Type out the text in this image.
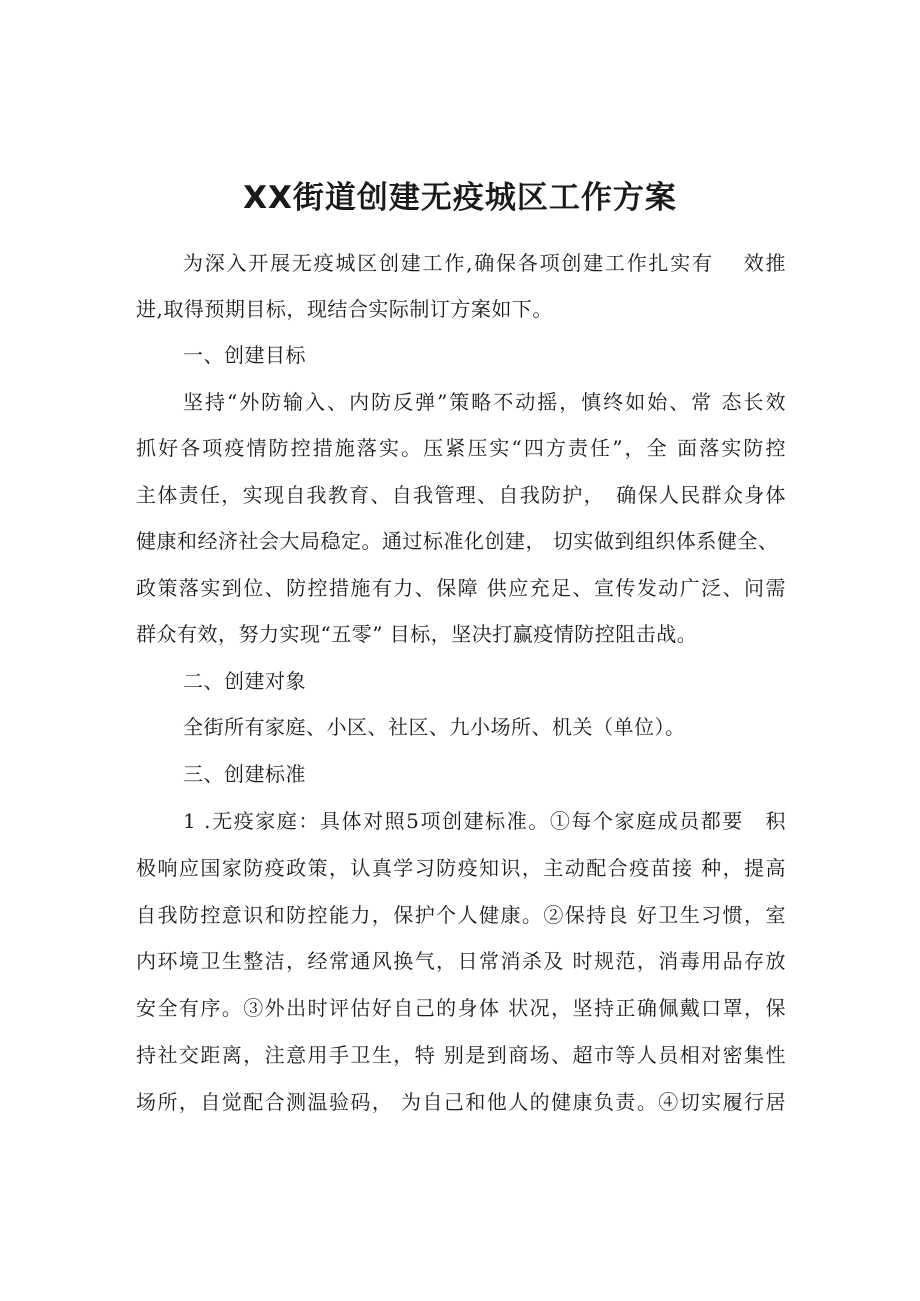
XX街道创建无疫城区工作方案
为深入开展无疫城区创建工作,确保各项创建工作扎实有　 效推
进,取得预期目标，现结合实际制订方案如下。
一、创建目标
坚持“外防输入、内防反弹”策略不动摇，慎终如始、常 态长效
抓好各项疫情防控措施落实。压紧压实“四方责任”，全 面落实防控
主体责任，实现自我教育、自我管理、自我防护，　确保人民群众身体
健康和经济社会大局稳定。通过标准化创建， 切实做到组织体系健全、
政策落实到位、防控措施有力、保障 供应充足、宣传发动广泛、问需
群众有效，努力实现“五零” 目标，坚决打赢疫情防控阻击战。
二、创建对象
全街所有家庭、小区、社区、九小场所、机关（单位）。
三、创建标准
1 .无疫家庭：具体对照5项创建标准。①每个家庭成员都要　积
极响应国家防疫政策，认真学习防疫知识，主动配合疫苗接 种，提高
自我防控意识和防控能力，保护个人健康。②保持良 好卫生习惯，室
内环境卫生整洁，经常通风换气，日常消杀及 时规范，消毒用品存放
安全有序。③外出时评估好自己的身体 状况，坚持正确佩戴口罩，保
持社交距离，注意用手卫生，特 别是到商场、超市等人员相对密集性
场所，自觉配合测温验码， 为自己和他人的健康负责。④切实履行居
